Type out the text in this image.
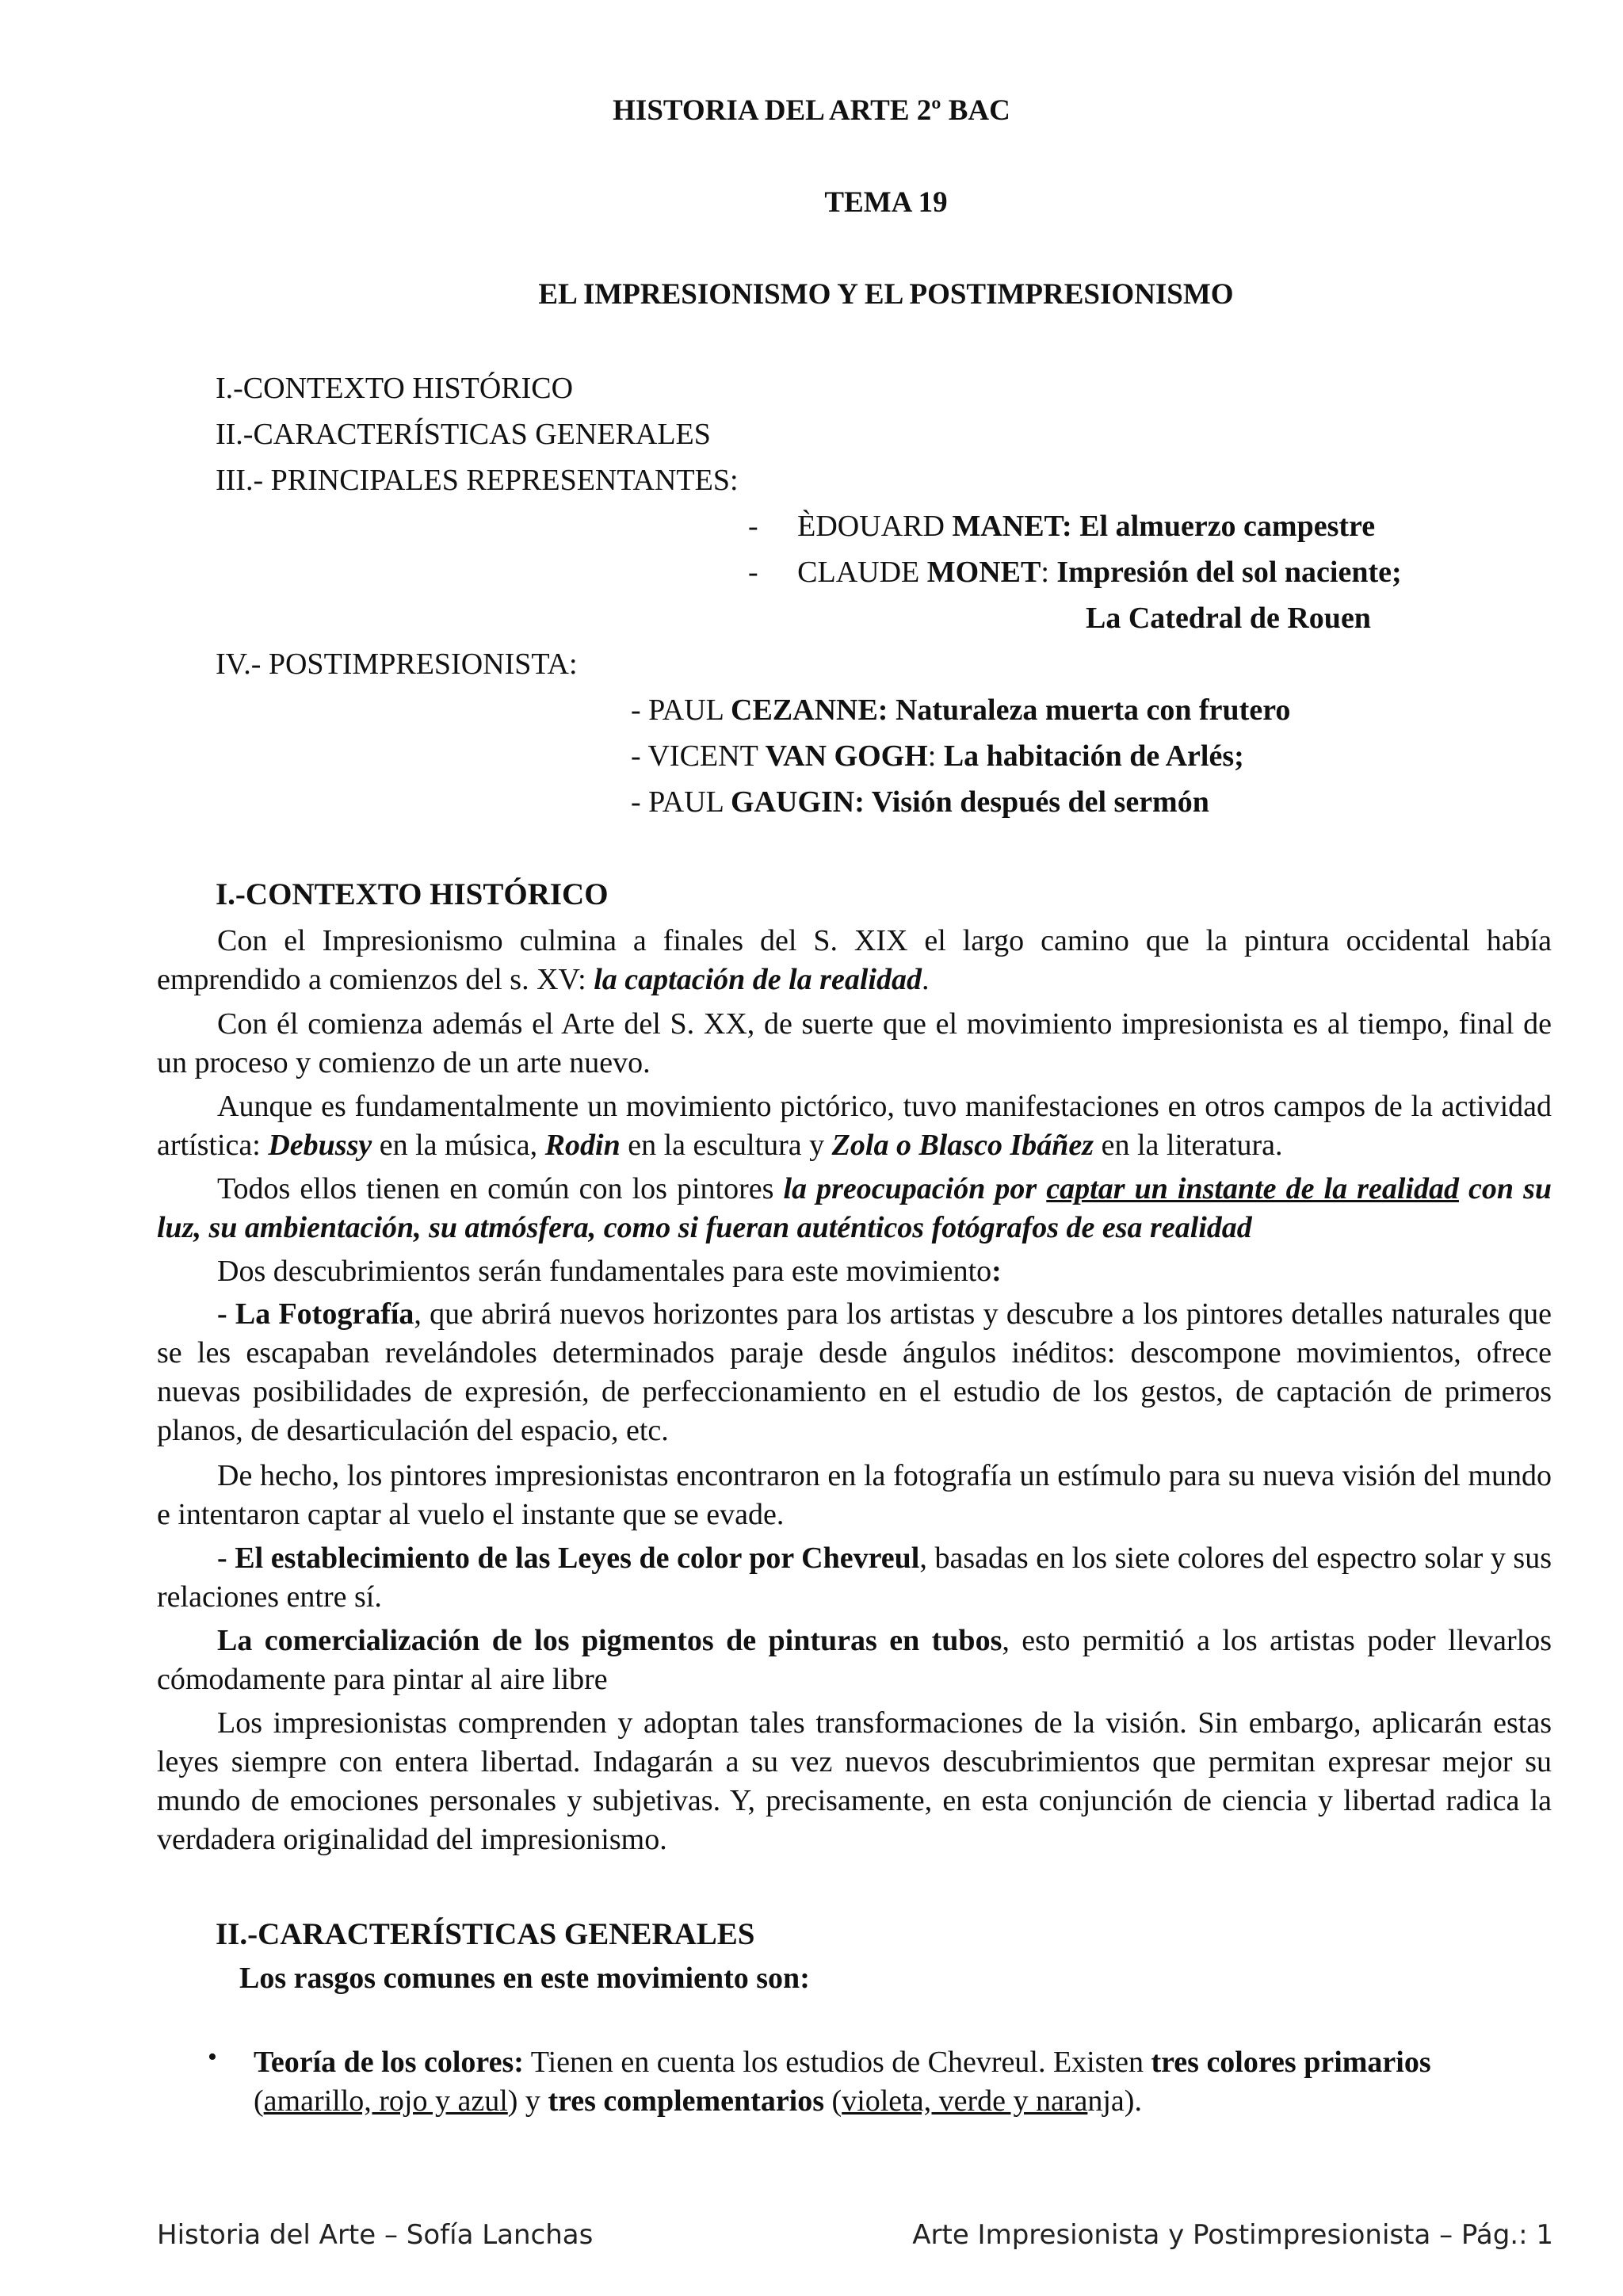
HISTORIA DEL ARTE 2º BAC
TEMA 19
EL IMPRESIONISMO Y EL POSTIMPRESIONISMO
I.-CONTEXTO HISTÓRICO
II.-CARACTERÍSTICAS GENERALES
III.- PRINCIPALES REPRESENTANTES:
- ÈDOUARD MANET: El almuerzo campestre
- CLAUDE MONET: Impresión del sol naciente;
La Catedral de Rouen
IV.- POSTIMPRESIONISTA:
- PAUL CEZANNE: Naturaleza muerta con frutero
- VICENT VAN GOGH: La habitación de Arlés;
- PAUL GAUGIN: Visión después del sermón
I.-CONTEXTO HISTÓRICO
Con el Impresionismo culmina a finales del S. XIX el largo camino que la pintura occidental había emprendido a comienzos del s. XV: la captación de la realidad.
Con él comienza además el Arte del S. XX, de suerte que el movimiento impresionista es al tiempo, final de un proceso y comienzo de un arte nuevo.
Aunque es fundamentalmente un movimiento pictórico, tuvo manifestaciones en otros campos de la actividad artística: Debussy en la música, Rodin en la escultura y Zola o Blasco Ibáñez en la literatura.
Todos ellos tienen en común con los pintores la preocupación por captar un instante de la realidad con su luz, su ambientación, su atmósfera, como si fueran auténticos fotógrafos de esa realidad
Dos descubrimientos serán fundamentales para este movimiento:
- La Fotografía, que abrirá nuevos horizontes para los artistas y descubre a los pintores detalles naturales que se les escapaban revelándoles determinados paraje desde ángulos inéditos: descompone movimientos, ofrece nuevas posibilidades de expresión, de perfeccionamiento en el estudio de los gestos, de captación de primeros planos, de desarticulación del espacio, etc.
De hecho, los pintores impresionistas encontraron en la fotografía un estímulo para su nueva visión del mundo e intentaron captar al vuelo el instante que se evade.
- El establecimiento de las Leyes de color por Chevreul, basadas en los siete colores del espectro solar y sus relaciones entre sí.
La comercialización de los pigmentos de pinturas en tubos, esto permitió a los artistas poder llevarlos cómodamente para pintar al aire libre
Los impresionistas comprenden y adoptan tales transformaciones de la visión. Sin embargo, aplicarán estas leyes siempre con entera libertad. Indagarán a su vez nuevos descubrimientos que permitan expresar mejor su mundo de emociones personales y subjetivas. Y, precisamente, en esta conjunción de ciencia y libertad radica la verdadera originalidad del impresionismo.
II.-CARACTERÍSTICAS GENERALES
Los rasgos comunes en este movimiento son:
• Teoría de los colores: Tienen en cuenta los estudios de Chevreul. Existen tres colores primarios
(amarillo, rojo y azul) y tres complementarios (violeta, verde y naranja).
Historia del Arte – Sofía Lanchas	Arte Impresionista y Postimpresionista – Pág.: 1
